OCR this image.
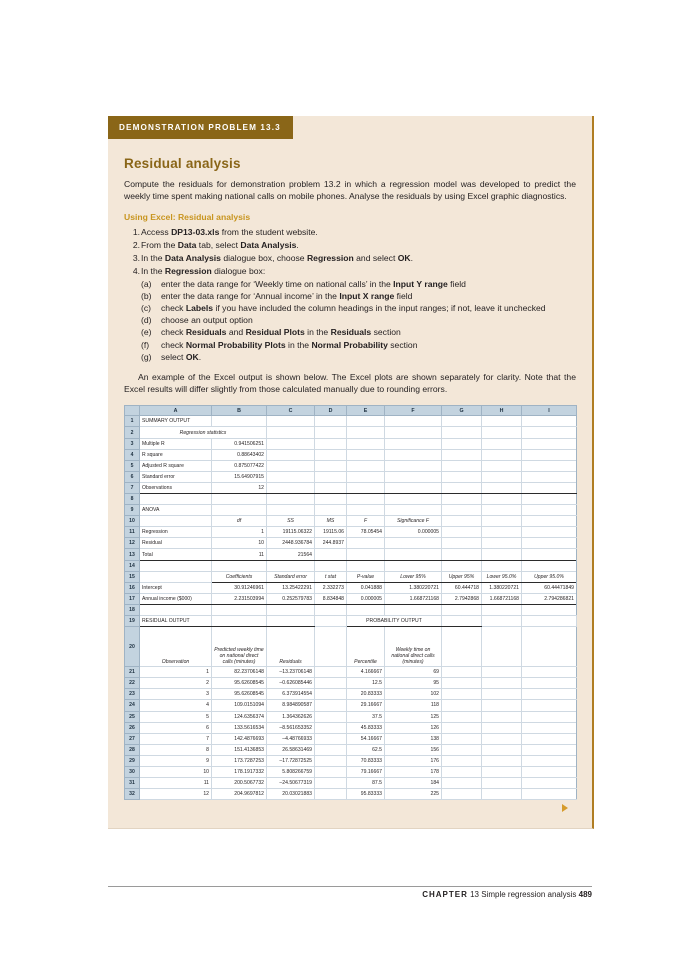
DEMONSTRATION PROBLEM 13.3
Residual analysis

Compute the residuals for demonstration problem 13.2 in which a regression model was developed to predict the weekly time spent making national calls on mobile phones. Analyse the residuals by using Excel graphic diagnostics.

Using Excel: Residual analysis
1. Access DP13-03.xls from the student website.
2. From the Data tab, select Data Analysis.
3. In the Data Analysis dialogue box, choose Regression and select OK.
4. In the Regression dialogue box:
(a)	enter the data range for ‘Weekly time on national calls’ in the Input Y range field
(b)	enter the data range for ‘Annual income’ in the Input X range field
(c)	check Labels if you have included the column headings in the input ranges; if not, leave it unchecked
(d)	choose an output option
(e)	check Residuals and Residual Plots in the Residuals section
(f)	check Normal Probability Plots in the Normal Probability section
(g)	select OK.

An example of the Excel output is shown below. The Excel plots are shown separately for clarity. Note that the Excel results will differ slightly from those calculated manually due to rounding errors.

	A	B	C	D	E	F	G	H	I	
1	SUMMARY OUTPUT									
2	Regression statistics									
3	Multiple R	0.941506251								
4	R square	0.88643402								
5	Adjusted R square	0.875077422								
6	Standard error	15.64907915								
7	Observations	12								
8										
9	ANOVA									
10		df	SS	MS	F	Significance F				
11	Regression	1	19115.06322	19115.06	78.05454	0.000005				
12	Residual	10	2448.936784	244.8937						
13	Total	11	21564							
14										
15		Coefficients	Standard error	t stat	P-value	Lower 95%	Upper 95%	Lower 95.0%	Upper 95.0%	
16	Intercept	30.91246961	13.25422291	2.332273	0.041888	1.380220721	60.444718	1.380220721	60.44471849	
17	Annual income ($000)	2.231503994	0.252579783	8.834848	0.000005	1.668721168	2.7942868	1.668721168	2.794286821	
18										
19	RESIDUAL OUTPUT				PROBABILITY OUTPUT					
20	Observation	Predicted weekly time on national direct calls (minutes)	Residuals		Percentile	Weekly time on national direct calls (minutes)				
21	1	82.23706148	–13.23706148		4.166667	69				
22	2	95.62608545	–0.626085446		12.5	95				
23	3	95.62608545	6.373914554		20.83333	102				
24	4	109.0151094	8.984890587		29.16667	118				
25	5	124.6356374	1.364362626		37.5	125				
26	6	133.5616534	–8.561653352		45.83333	126				
27	7	142.4876693	–4.48766933		54.16667	138				
28	8	151.4136853	26.58631469		62.5	156				
29	9	173.7287253	–17.72872525		70.83333	176				
30	10	178.1917332	5.808266759		79.16667	178				
31	11	200.5067732	–24.50677319		87.5	184				
32	12	204.9697812	20.03021883		95.83333	225				
CHAPTER 13 Simple regression analysis 489
